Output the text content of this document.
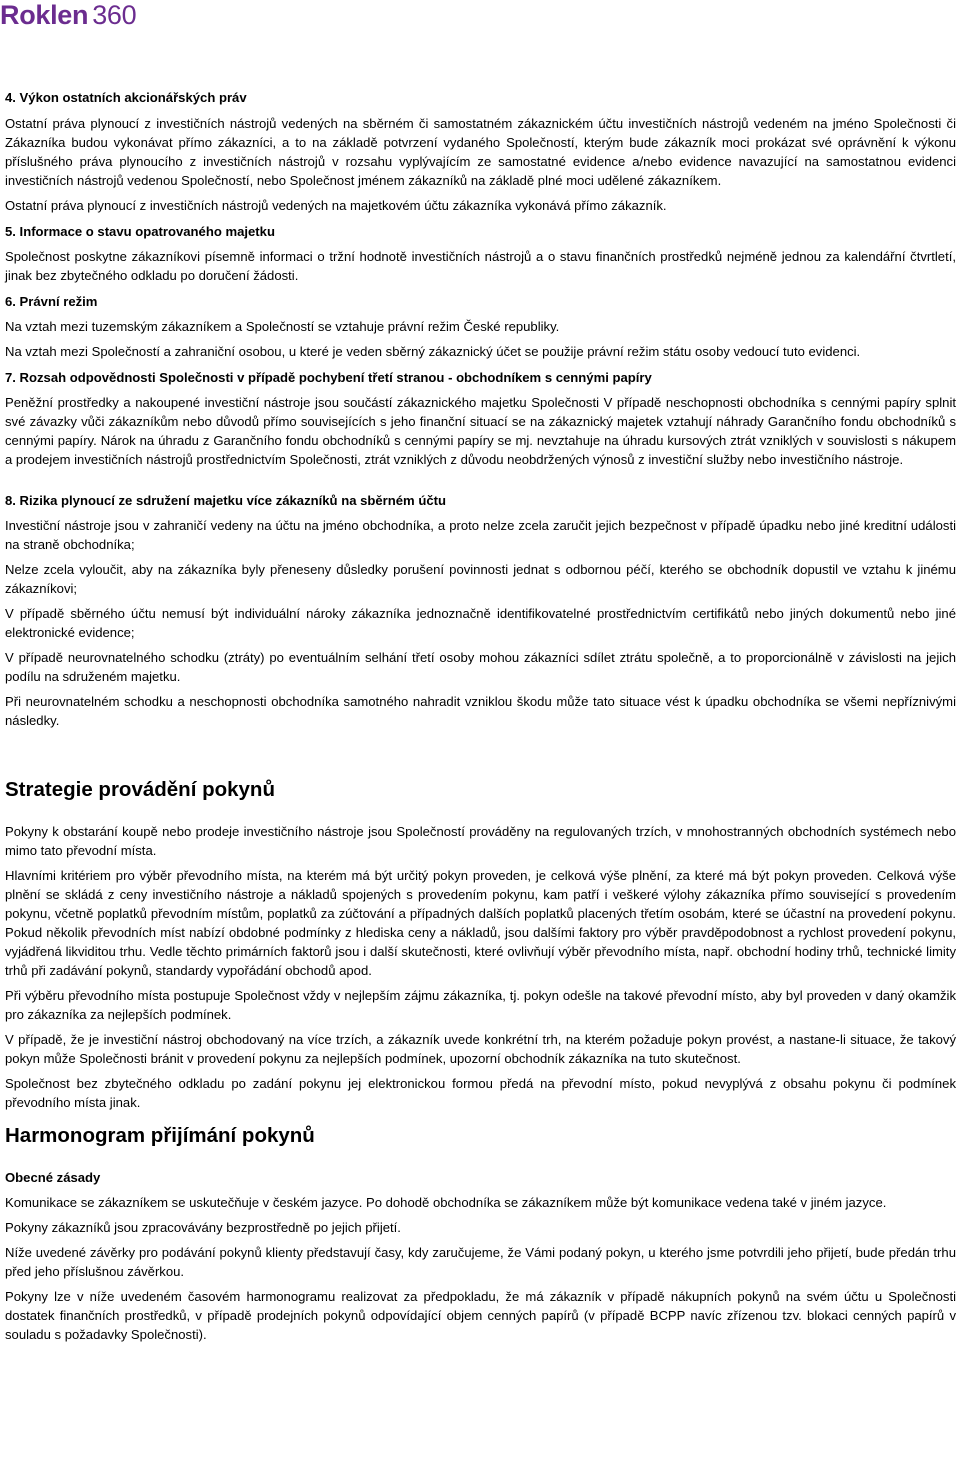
Roklen 360
4. Výkon ostatních akcionářských práv

Ostatní práva plynoucí z investičních nástrojů vedených na sběrném či samostatném zákaznickém účtu investičních nástrojů vedeném na jméno Společnosti či Zákazníka budou vykonávat přímo zákazníci, a to na základě potvrzení vydaného Společností, kterým bude zákazník moci prokázat své oprávnění k výkonu příslušného práva plynoucího z investičních nástrojů v rozsahu vyplývajícím ze samostatné evidence a/nebo evidence navazující na samostatnou evidenci investičních nástrojů vedenou Společností, nebo Společnost jménem zákazníků na základě plné moci udělené zákazníkem.

Ostatní práva plynoucí z investičních nástrojů vedených na majetkovém účtu zákazníka vykonává přímo zákazník.

5. Informace o stavu opatrovaného majetku

Společnost poskytne zákazníkovi písemně informaci o tržní hodnotě investičních nástrojů a o stavu finančních prostředků nejméně jednou za kalendářní čtvrtletí, jinak bez zbytečného odkladu po doručení žádosti.

6. Právní režim

Na vztah mezi tuzemským zákazníkem a Společností se vztahuje právní režim České republiky.

Na vztah mezi Společností a zahraniční osobou, u které je veden sběrný zákaznický účet se použije právní režim státu osoby vedoucí tuto evidenci.

7. Rozsah odpovědnosti Společnosti v případě pochybení třetí stranou - obchodníkem s cennými papíry

Peněžní prostředky a nakoupené investiční nástroje jsou součástí zákaznického majetku Společnosti V případě neschopnosti obchodníka s cennými papíry splnit své závazky vůči zákazníkům nebo důvodů přímo souvisejících s jeho finanční situací se na zákaznický majetek vztahují náhrady Garančního fondu obchodníků s cennými papíry. Nárok na úhradu z Garančního fondu obchodníků s cennými papíry se mj. nevztahuje na úhradu kursových ztrát vzniklých v souvislosti s nákupem a prodejem investičních nástrojů prostřednictvím Společnosti, ztrát vzniklých z důvodu neobdržených výnosů z investiční služby nebo investičního nástroje.

8. Rizika plynoucí ze sdružení majetku více zákazníků na sběrném účtu

Investiční nástroje jsou v zahraničí vedeny na účtu na jméno obchodníka, a proto nelze zcela zaručit jejich bezpečnost v případě úpadku nebo jiné kreditní události na straně obchodníka;

Nelze zcela vyloučit, aby na zákazníka byly přeneseny důsledky porušení povinnosti jednat s odbornou péčí, kterého se obchodník dopustil ve vztahu k jinému zákazníkovi;

V případě sběrného účtu nemusí být individuální nároky zákazníka jednoznačně identifikovatelné prostřednictvím certifikátů nebo jiných dokumentů nebo jiné elektronické evidence;

V případě neurovnatelného schodku (ztráty) po eventuálním selhání třetí osoby mohou zákazníci sdílet ztrátu společně, a to proporcionálně v závislosti na jejich podílu na sdruženém majetku.

Při neurovnatelném schodku a neschopnosti obchodníka samotného nahradit vzniklou škodu může tato situace vést k úpadku obchodníka se všemi nepříznivými následky.

Strategie provádění pokynů

Pokyny k obstarání koupě nebo prodeje investičního nástroje jsou Společností prováděny na regulovaných trzích, v mnohostranných obchodních systémech nebo mimo tato převodní místa.

Hlavními kritériem pro výběr převodního místa, na kterém má být určitý pokyn proveden, je celková výše plnění, za které má být pokyn proveden. Celková výše plnění se skládá z ceny investičního nástroje a nákladů spojených s provedením pokynu, kam patří i veškeré výlohy zákazníka přímo související s provedením pokynu, včetně poplatků převodním místům, poplatků za zúčtování a případných dalších poplatků placených třetím osobám, které se účastní na provedení pokynu. Pokud několik převodních míst nabízí obdobné podmínky z hlediska ceny a nákladů, jsou dalšími faktory pro výběr pravděpodobnost a rychlost provedení pokynu, vyjádřená likviditou trhu. Vedle těchto primárních faktorů jsou i další skutečnosti, které ovlivňují výběr převodního místa, např. obchodní hodiny trhů, technické limity trhů při zadávání pokynů, standardy vypořádání obchodů apod.

Při výběru převodního místa postupuje Společnost vždy v nejlepším zájmu zákazníka, tj. pokyn odešle na takové převodní místo, aby byl proveden v daný okamžik pro zákazníka za nejlepších podmínek.

V případě, že je investiční nástroj obchodovaný na více trzích, a zákazník uvede konkrétní trh, na kterém požaduje pokyn provést, a nastane-li situace, že takový pokyn může Společnosti bránit v provedení pokynu za nejlepších podmínek, upozorní obchodník zákazníka na tuto skutečnost.

Společnost bez zbytečného odkladu po zadání pokynu jej elektronickou formou předá na převodní místo, pokud nevyplývá z obsahu pokynu či podmínek převodního místa jinak.

Harmonogram přijímání pokynů
Obecné zásady

Komunikace se zákazníkem se uskutečňuje v českém jazyce. Po dohodě obchodníka se zákazníkem může být komunikace vedena také v jiném jazyce.

Pokyny zákazníků jsou zpracovávány bezprostředně po jejich přijetí.

Níže uvedené závěrky pro podávání pokynů klienty představují časy, kdy zaručujeme, že Vámi podaný pokyn, u kterého jsme potvrdili jeho přijetí, bude předán trhu před jeho příslušnou závěrkou.

Pokyny lze v níže uvedeném časovém harmonogramu realizovat za předpokladu, že má zákazník v případě nákupních pokynů na svém účtu u Společnosti dostatek finančních prostředků, v případě prodejních pokynů odpovídající objem cenných papírů (v případě BCPP navíc zřízenou tzv. blokaci cenných papírů v souladu s požadavky Společnosti).
